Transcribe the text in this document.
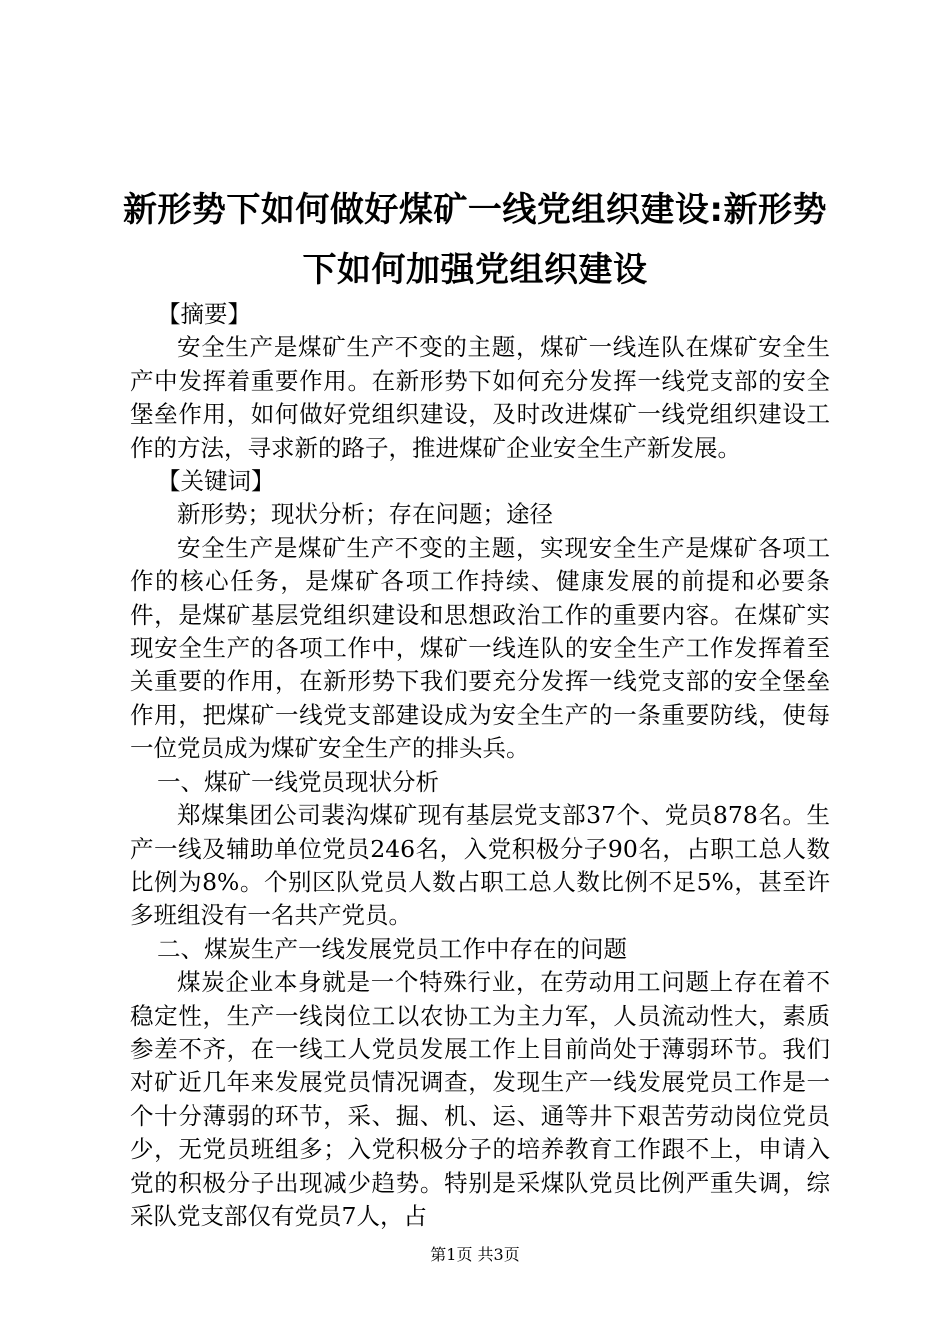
新形势下如何做好煤矿一线党组织建设:新形势下如何加强党组织建设

【摘要】

安全生产是煤矿生产不变的主题，煤矿一线连队在煤矿安全生产中发挥着重要作用。在新形势下如何充分发挥一线党支部的安全堡垒作用，如何做好党组织建设，及时改进煤矿一线党组织建设工作的方法，寻求新的路子，推进煤矿企业安全生产新发展。

【关键词】

新形势；现状分析；存在问题；途径

安全生产是煤矿生产不变的主题，实现安全生产是煤矿各项工作的核心任务，是煤矿各项工作持续、健康发展的前提和必要条件，是煤矿基层党组织建设和思想政治工作的重要内容。在煤矿实现安全生产的各项工作中，煤矿一线连队的安全生产工作发挥着至关重要的作用，在新形势下我们要充分发挥一线党支部的安全堡垒作用，把煤矿一线党支部建设成为安全生产的一条重要防线，使每一位党员成为煤矿安全生产的排头兵。

一、煤矿一线党员现状分析

郑煤集团公司裴沟煤矿现有基层党支部37个、党员878名。生产一线及辅助单位党员246名，入党积极分子90名，占职工总人数比例为8%。个别区队党员人数占职工总人数比例不足5%，甚至许多班组没有一名共产党员。

二、煤炭生产一线发展党员工作中存在的问题

煤炭企业本身就是一个特殊行业，在劳动用工问题上存在着不稳定性，生产一线岗位工以农协工为主力军，人员流动性大，素质参差不齐，在一线工人党员发展工作上目前尚处于薄弱环节。我们对矿近几年来发展党员情况调查，发现生产一线发展党员工作是一个十分薄弱的环节，采、掘、机、运、通等井下艰苦劳动岗位党员少，无党员班组多；入党积极分子的培养教育工作跟不上，申请入党的积极分子出现减少趋势。特别是采煤队党员比例严重失调，综采队党支部仅有党员7人，占

第1页 共3页
